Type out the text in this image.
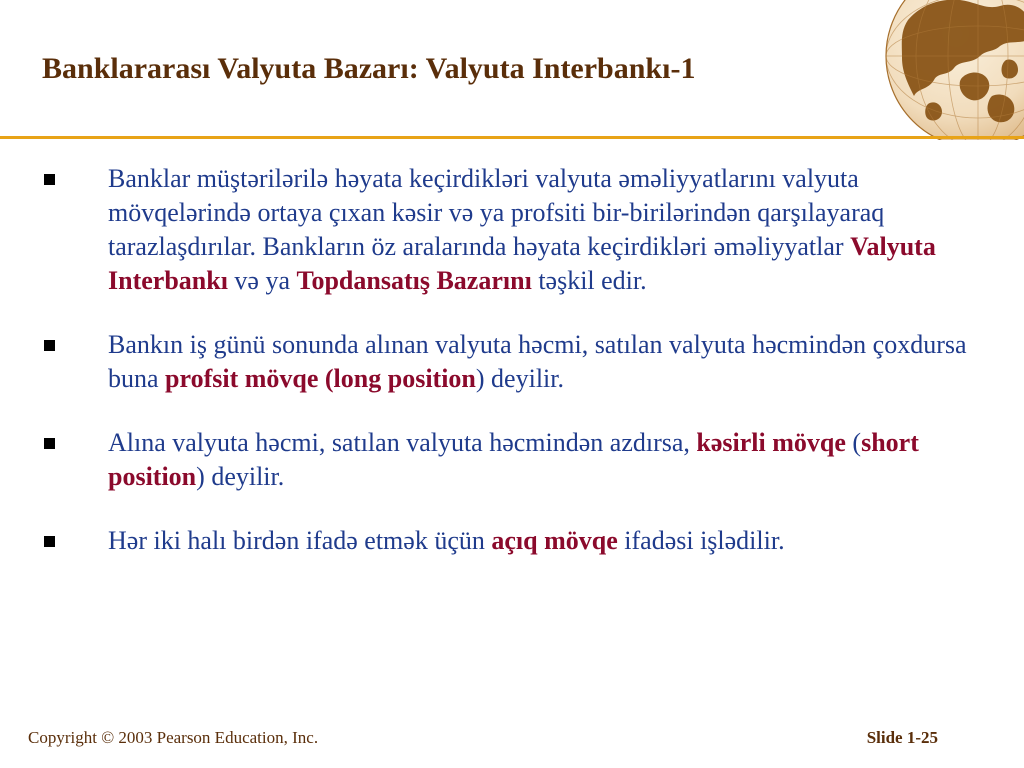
Banklararası Valyuta Bazarı: Valyuta Interbankı-1
Banklar müştərilərilə həyata keçirdikləri valyuta əməliyyatlarını valyuta mövqelərində ortaya çıxan kəsir və ya profsiti bir-birilərindən qarşılayaraq tarazlaşdırılar. Bankların öz aralarında həyata keçirdikləri əməliyyatlar Valyuta Interbankı və ya Topdansatış Bazarını təşkil edir.
Bankın iş günü sonunda alınan valyuta həcmi, satılan valyuta həcmindən çoxdursa buna profsit mövqe (long position) deyilir.
Alına valyuta həcmi, satılan valyuta həcmindən azdırsa, kəsirli mövqe (short position) deyilir.
Hər iki halı birdən ifadə etmək üçün açıq mövqe ifadəsi işlədilir.
Copyright © 2003 Pearson Education, Inc.	Slide 1-25
